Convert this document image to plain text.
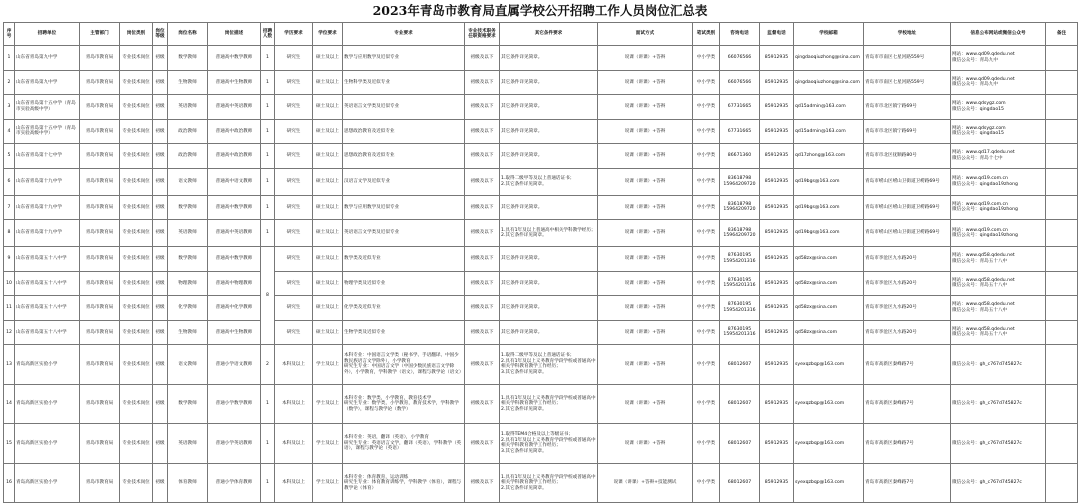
2023年青岛市教育局直属学校公开招聘工作人员岗位汇总表
序号	招聘单位	主管部门	岗位类别	岗位等级	岗位名称	岗位描述	招聘人数	学历要求	学位要求	专业要求	专业技术职务任职资格要求	其它条件要求	面试方式	笔试类别	咨询电话	监督电话	学校邮箱	学校地址	信息公布网站或微信公众号	备注
1	山东省青岛第九中学	青岛市教育局	专业技术岗位	初级	数学教师	普通高中数学教师	1	研究生	硕士及以上	数学与应用数学及近似专业	初级及以下	其它条件详见简章。	说课（讲课）+答辩	中小学类	66076566	85912935	qingdaoqiuzhong@sina.com	青岛市市南区七星河路559号	网站：www.qd09.qdedu.net
微信公众号：青岛九中	
2	山东省青岛第九中学	青岛市教育局	专业技术岗位	初级	生物教师	普通高中生物教师	1	研究生	硕士及以上	生物科学类及近似专业	初级及以下	其它条件详见简章。	说课（讲课）+答辩	中小学类	66076566	85912935	qingdaoqiuzhong@sina.com	青岛市市南区七星河路559号	网站：www.qd09.qdedu.net
微信公众号：青岛九中	
3	山东省青岛第十五中学（青岛市实验高级中学）	青岛市教育局	专业技术岗位	初级	英语教师	普通高中英语教师	1	研究生	硕士及以上	英语语言文学类及近似专业	初级及以下	其它条件详见简章。	说课（讲课）+答辩	中小学类	67731665	85912935	qd15admin@163.com	青岛市市北区镇宁路69号	网站：www.qdsygz.com
微信公众号：qingdao15	
4	山东省青岛第十五中学（青岛市实验高级中学）	青岛市教育局	专业技术岗位	初级	政治教师	普通高中政治教师	1	研究生	硕士及以上	思想政治教育及近似专业	初级及以下	其它条件详见简章。	说课（讲课）+答辩	中小学类	67731665	85912935	qd15admin@163.com	青岛市市北区镇宁路69号	网站：www.qdsygz.com
微信公众号：qingdao15	
5	山东省青岛第十七中学	青岛市教育局	专业技术岗位	初级	政治教师	普通高中政治教师	1	研究生	硕士及以上	思想政治教育及近似专业	初级及以下	其它条件详见简章。	说课（讲课）+答辩	中小学类	86671360	85912935	qd17zhong@163.com	青岛市市北区抚顺路80号	网站：www.qd17.qdedu.net
微信公众号：青岛十七中	
6	山东省青岛第十九中学	青岛市教育局	专业技术岗位	初级	语文教师	普通高中语文教师	1	研究生	硕士及以上	汉语言文学及近似专业	初级及以下	1.取得二级甲等及以上普通话证书；
2.其它条件详见简章。	说课（讲课）+答辩	中小学类	83618798
15964209720	85912935	qd19bgs@163.com	青岛市崂山区崂山卫街道卫崂路69号	网站：www.qd19.com.cn
微信公众号：qingdao19zhong	
7	山东省青岛第十九中学	青岛市教育局	专业技术岗位	初级	数学教师	普通高中数学教师	1	研究生	硕士及以上	数学与应用数学及近似专业	初级及以下	其它条件详见简章。	说课（讲课）+答辩	中小学类	83618798
15964209720	85912935	qd19bgs@163.com	青岛市崂山区崂山卫街道卫崂路69号	网站：www.qd19.com.cn
微信公众号：qingdao19zhong	
8	山东省青岛第十九中学	青岛市教育局	专业技术岗位	初级	英语教师	普通高中英语教师	1	研究生	硕士及以上	英语语言文学类及近似专业	初级及以下	1.具有1年及以上普通高中相关学科教学经历；
2.其它条件详见简章。	说课（讲课）+答辩	中小学类	83618798
15964209720	85912935	qd19bgs@163.com	青岛市崂山区崂山卫街道卫崂路69号	网站：www.qd19.com.cn
微信公众号：qingdao19zhong	
9	山东省青岛第五十八中学	青岛市教育局	专业技术岗位	初级	数学教师	普通高中数学教师	8	研究生	硕士及以上	数学类及近似专业	初级及以下	其它条件详见简章。	说课（讲课）+答辩	中小学类	87630195
15954201316	85912935	qd58zx@sina.com	青岛市李沧区九水路20号	网站：www.qd58.qdedu.net
微信公众号：青岛五十八中	
10	山东省青岛第五十八中学	青岛市教育局	专业技术岗位	初级	物理教师	普通高中物理教师		研究生	硕士及以上	物理学类及近似专业	初级及以下	其它条件详见简章。	说课（讲课）+答辩	中小学类	87630195
15954201316	85912935	qd58zx@sina.com	青岛市李沧区九水路20号	网站：www.qd58.qdedu.net
微信公众号：青岛五十八中	
11	山东省青岛第五十八中学	青岛市教育局	专业技术岗位	初级	化学教师	普通高中化学教师		研究生	硕士及以上	化学类及近似专业	初级及以下	其它条件详见简章。	说课（讲课）+答辩	中小学类	87630195
15954201316	85912935	qd58zx@sina.com	青岛市李沧区九水路20号	网站：www.qd58.qdedu.net
微信公众号：青岛五十八中	
12	山东省青岛第五十八中学	青岛市教育局	专业技术岗位	初级	生物教师	普通高中生物教师		研究生	硕士及以上	生物学类及近似专业	初级及以下	其它条件详见简章。	说课（讲课）+答辩	中小学类	87630195
15954201316	85912935	qd58zx@sina.com	青岛市李沧区九水路20号	网站：www.qd58.qdedu.net
微信公众号：青岛五十八中	
13	青岛高新区实验小学	青岛市教育局	专业技术岗位	初级	语文教师	普通小学语文教师	2	本科及以上	学士及以上	本科专业：中国语言文学类（秘书学、手语翻译、中国少数民族语言文学除外），小学教育
研究生专业：中国语言文学（中国少数民族语言文学除外），小学教育，学科教学（语文），课程与教学论（语文）	初级及以下	1.取得二级甲等及以上普通话证书；
2.具有1年及以上义务教育学段学校或普通高中相关学科教育教学工作经历；
3.其它条件详见简章。	说课（讲课）+答辩	中小学类	68012607	85912935	syexqzbqp@163.com	青岛市高新区秦峰路7号	微信公众号：gh_c767d745827c	
14	青岛高新区实验小学	青岛市教育局	专业技术岗位	初级	数学教师	普通小学数学教师	1	本科及以上	学士及以上	本科专业：数学类，小学教育，教育技术学
研究生专业：数学类，小学教育，教育技术学，学科教学（数学），课程与教学论（数学）	初级及以下	1.具有1年及以上义务教育学段学校或普通高中相关学科教育教学工作经历；
2.其它条件详见简章。	说课（讲课）+答辩	中小学类	68012607	85912935	syexqzbqp@163.com	青岛市高新区秦峰路7号	微信公众号：gh_c767d745827c	
15	青岛高新区实验小学	青岛市教育局	专业技术岗位	初级	英语教师	普通小学英语教师	1	本科及以上	学士及以上	本科专业：英语，翻译（英语），小学教育
研究生专业：英语语言文学，翻译（英语），学科教学（英语），课程与教学论（英语）	初级及以下	1.取得TEM4合格及以上等级证书；
2.具有1年及以上义务教育学段学校或普通高中相关学科教育教学工作经历；
3.其它条件详见简章。	说课（讲课）+答辩	中小学类	68012607	85912935	syexqzbqp@163.com	青岛市高新区秦峰路7号	微信公众号：gh_c767d745827c	
16	青岛高新区实验小学	青岛市教育局	专业技术岗位	初级	体育教师	普通小学体育教师	1	本科及以上	学士及以上	本科专业：体育教育，运动训练
研究生专业：体育教育训练学，学科教学（体育），课程与教学论（体育）	初级及以下	1.具有1年及以上义务教育学段学校或普通高中相关学科教育教学工作经历；
2.其它条件详见简章。	说课（讲课）+答辩+技能测试	中小学类	68012607	85912935	syexqzbqp@163.com	青岛市高新区秦峰路7号	微信公众号：gh_c767d745827c	
